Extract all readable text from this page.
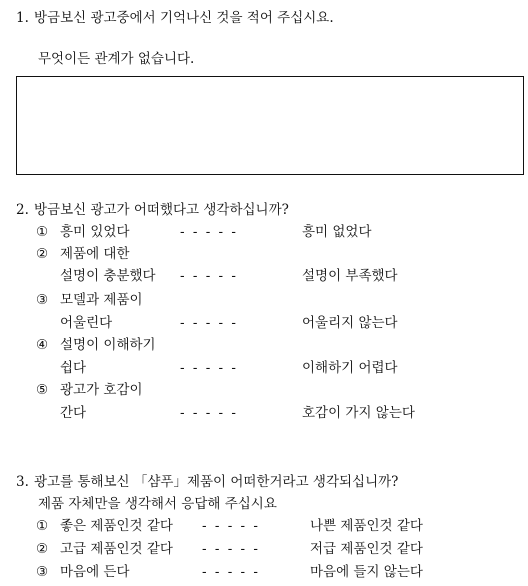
1. 방금보신 광고중에서 기억나신 것을 적어 주십시요.
무엇이든 관계가 없습니다.
2. 방금보신 광고가 어떠했다고 생각하십니까?
① 흥미 있었다	- - - - -	흥미 없었다
② 제품에 대한
설명이 충분했다 - - - - -	설명이 부족했다
③ 모델과 제품이
어울린다	- - - - -	어울리지 않는다
④ 설명이 이해하기
쉽다	- - - - -	이해하기 어렵다
⑤ 광고가 호감이
간다	- - - - -	호감이 가지 않는다
3. 광고를 통해보신 「샴푸」제품이 어떠한거라고 생각되십니까?
제품 자체만을 생각해서 응답해 주십시요
① 좋은 제품인것 같다 - - - - -	나쁜 제품인것 같다
② 고급 제품인것 같다 - - - - -	저급 제품인것 같다
③ 마음에 든다	- - - - -	마음에 들지 않는다
